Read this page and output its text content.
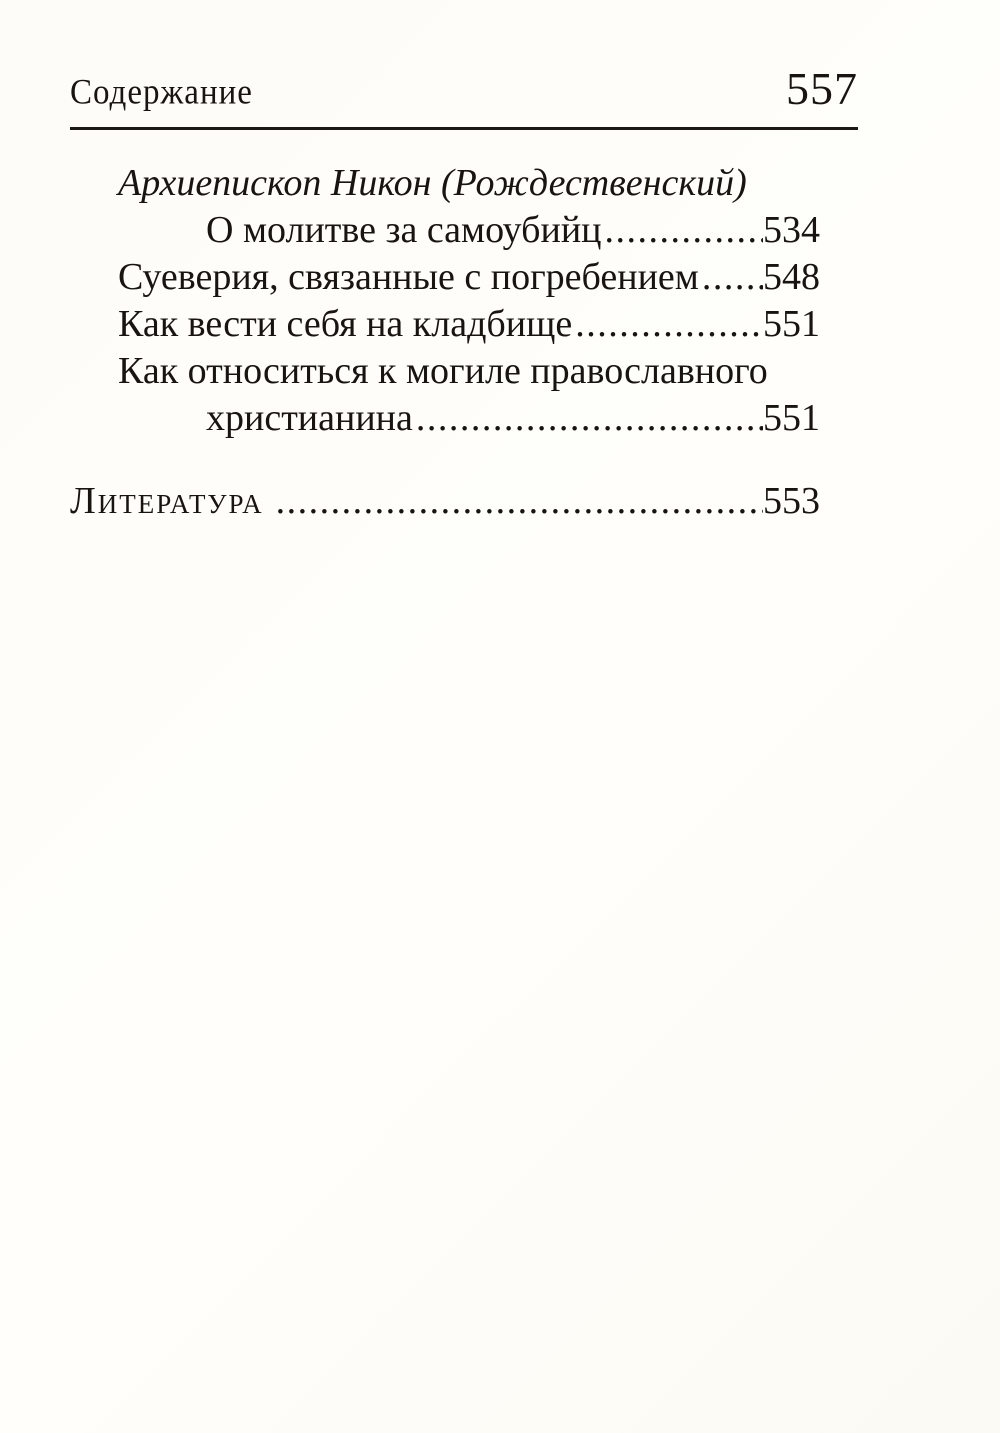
Содержание	557
Архиепископ Никон (Рождественский)
О молитве за самоубийц .....	534
Суеверия, связанные с погребением ..... 548
Как вести себя на кладбище .....	551
Как относиться к могиле православного
христианина .....	551
Литература .....	553
